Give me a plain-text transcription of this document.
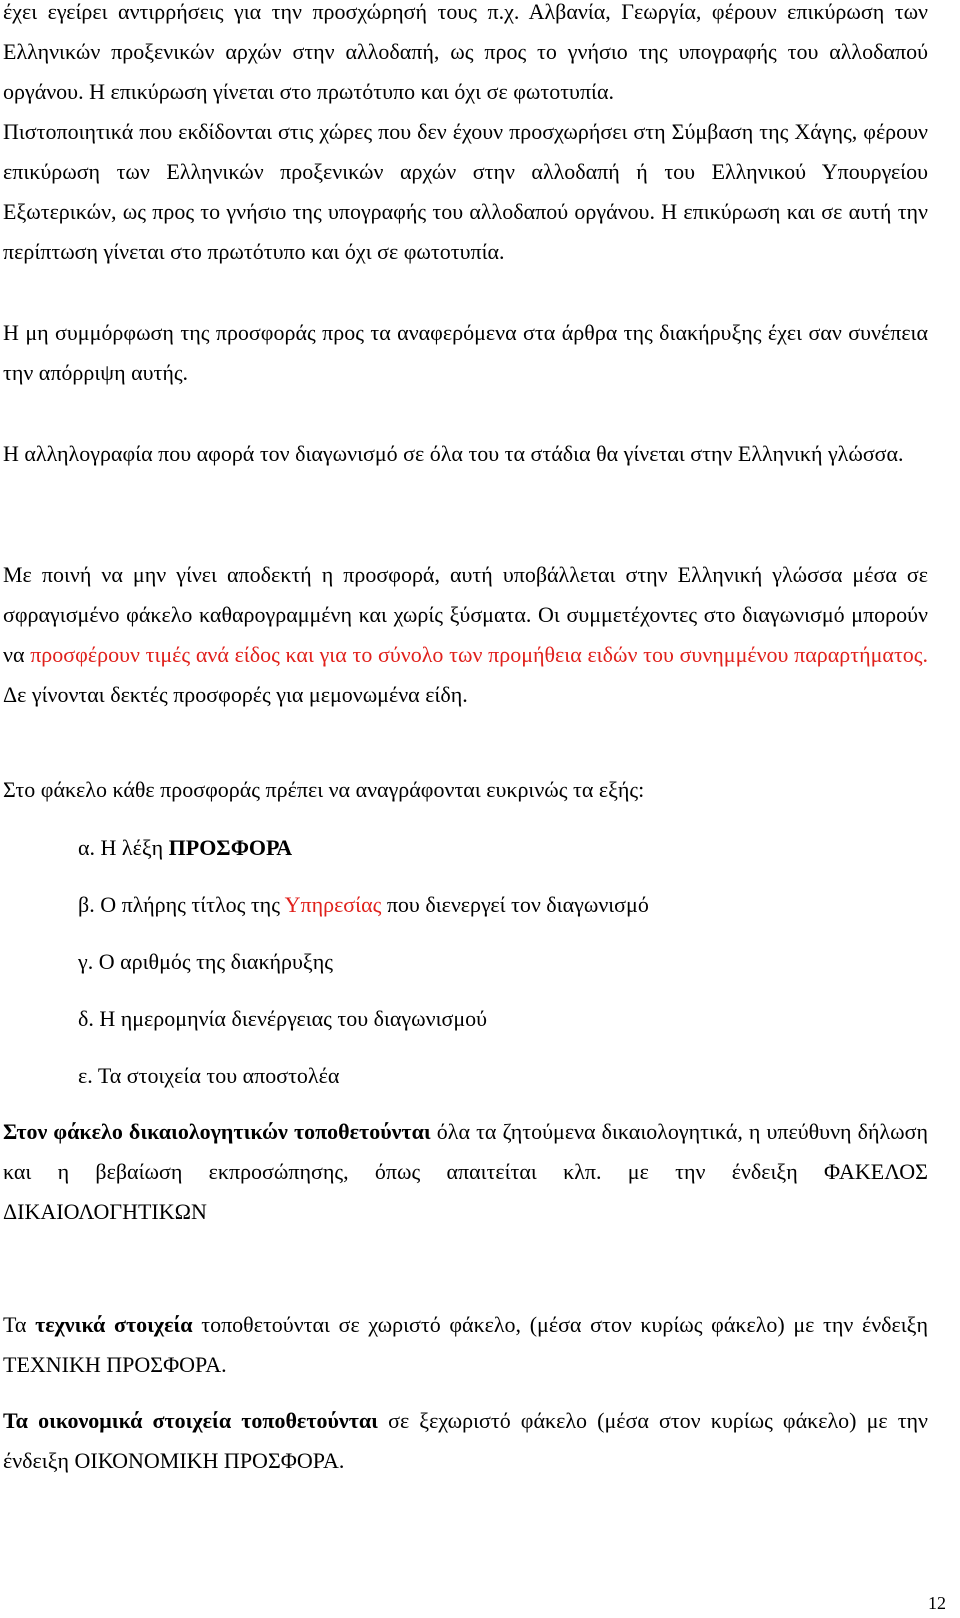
έχει εγείρει αντιρρήσεις για την προσχώρησή τους π.χ. Αλβανία, Γεωργία, φέρουν επικύρωση των Ελληνικών προξενικών αρχών στην αλλοδαπή, ως προς το γνήσιο της υπογραφής του αλλοδαπού οργάνου. Η επικύρωση γίνεται στο πρωτότυπο και όχι σε φωτοτυπία.

Πιστοποιητικά που εκδίδονται στις χώρες που δεν έχουν προσχωρήσει στη Σύμβαση της Χάγης, φέρουν επικύρωση των Ελληνικών προξενικών αρχών στην αλλοδαπή ή του Ελληνικού Υπουργείου Εξωτερικών, ως προς το γνήσιο της υπογραφής του αλλοδαπού οργάνου. Η επικύρωση και σε αυτή την περίπτωση γίνεται στο πρωτότυπο και όχι σε φωτοτυπία.

Η μη συμμόρφωση της προσφοράς προς τα αναφερόμενα στα άρθρα της διακήρυξης έχει σαν συνέπεια την απόρριψη αυτής.

Η αλληλογραφία που αφορά τον διαγωνισμό σε όλα του τα στάδια θα γίνεται στην Ελληνική γλώσσα.

Με ποινή να μην γίνει αποδεκτή η προσφορά, αυτή υποβάλλεται στην Ελληνική γλώσσα μέσα σε σφραγισμένο φάκελο καθαρογραμμένη και χωρίς ξύσματα. Οι συμμετέχοντες στο διαγωνισμό μπορούν να προσφέρουν τιμές ανά είδος και για το σύνολο των προμήθεια ειδών του συνημμένου παραρτήματος. Δε γίνονται δεκτές προσφορές για μεμονωμένα είδη.

Στο φάκελο κάθε προσφοράς πρέπει να αναγράφονται ευκρινώς τα εξής:

α. Η λέξη ΠΡΟΣΦΟΡΑ

β. Ο πλήρης τίτλος της Υπηρεσίας που διενεργεί τον διαγωνισμό

γ. Ο αριθμός της διακήρυξης

δ. Η ημερομηνία διενέργειας του διαγωνισμού

ε. Τα στοιχεία του αποστολέα

Στον φάκελο δικαιολογητικών τοποθετούνται όλα τα ζητούμενα δικαιολογητικά, η υπεύθυνη δήλωση και η βεβαίωση εκπροσώπησης, όπως απαιτείται κλπ. με την ένδειξη ΦΑΚΕΛΟΣ ΔΙΚΑΙΟΛΟΓΗΤΙΚΩΝ

Τα τεχνικά στοιχεία τοποθετούνται σε χωριστό φάκελο, (μέσα στον κυρίως φάκελο) με την ένδειξη ΤΕΧΝΙΚΗ ΠΡΟΣΦΟΡΑ.

Τα οικονομικά στοιχεία τοποθετούνται σε ξεχωριστό φάκελο (μέσα στον κυρίως φάκελο) με την ένδειξη ΟΙΚΟΝΟΜΙΚΗ ΠΡΟΣΦΟΡΑ.

12
